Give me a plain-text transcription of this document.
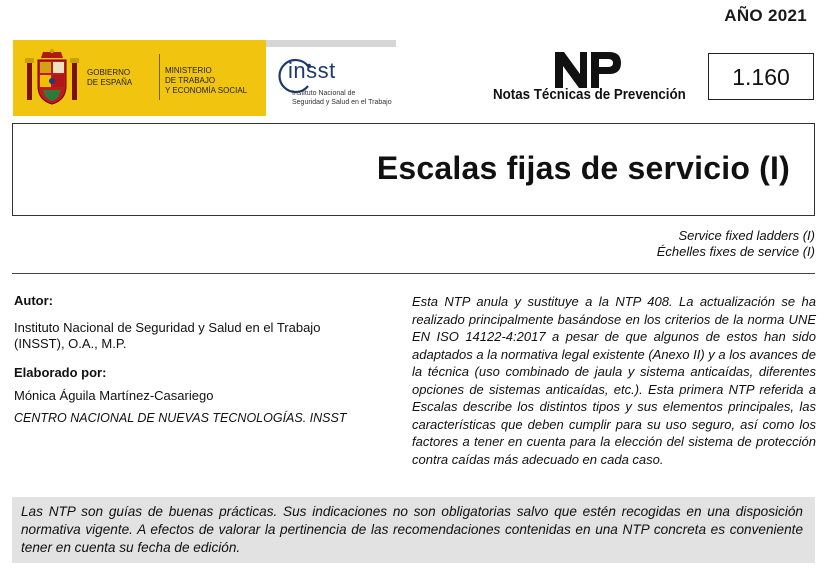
AÑO 2021
GOBIERNO
DE ESPAÑA
MINISTERIO
DE TRABAJO
Y ECONOMÍA SOCIAL
insst
Instituto Nacional de
Seguridad y Salud en el Trabajo	Notas Técnicas de Prevención
1.160
Escalas fijas de servicio (I)
Service fixed ladders (I)
Échelles fixes de service (I)
Autor:
Instituto Nacional de Seguridad y Salud en el Trabajo
(INSST), O.A., M.P.
Elaborado por:
Mónica Águila Martínez-Casariego
CENTRO NACIONAL DE NUEVAS TECNOLOGÍAS. INSST
Esta NTP anula y sustituye a la NTP 408. La actualización se ha realizado principalmente basándose en los criterios de la norma UNE EN ISO 14122-4:2017 a pesar de que algunos de estos han sido adaptados a la normativa legal existente (Anexo II) y a los avances de la técnica (uso combinado de jaula y sistema anticaídas, diferentes opciones de sistemas anticaídas, etc.). Esta primera NTP referida a Escalas describe los distintos tipos y sus elementos principales, las características que deben cumplir para su uso seguro, así como los factores a tener en cuenta para la elección del sistema de protección contra caídas más adecuado en cada caso.
Las NTP son guías de buenas prácticas. Sus indicaciones no son obligatorias salvo que estén recogidas en una disposición normativa vigente. A efectos de valorar la pertinencia de las recomendaciones contenidas en una NTP concreta es conveniente tener en cuenta su fecha de edición.
